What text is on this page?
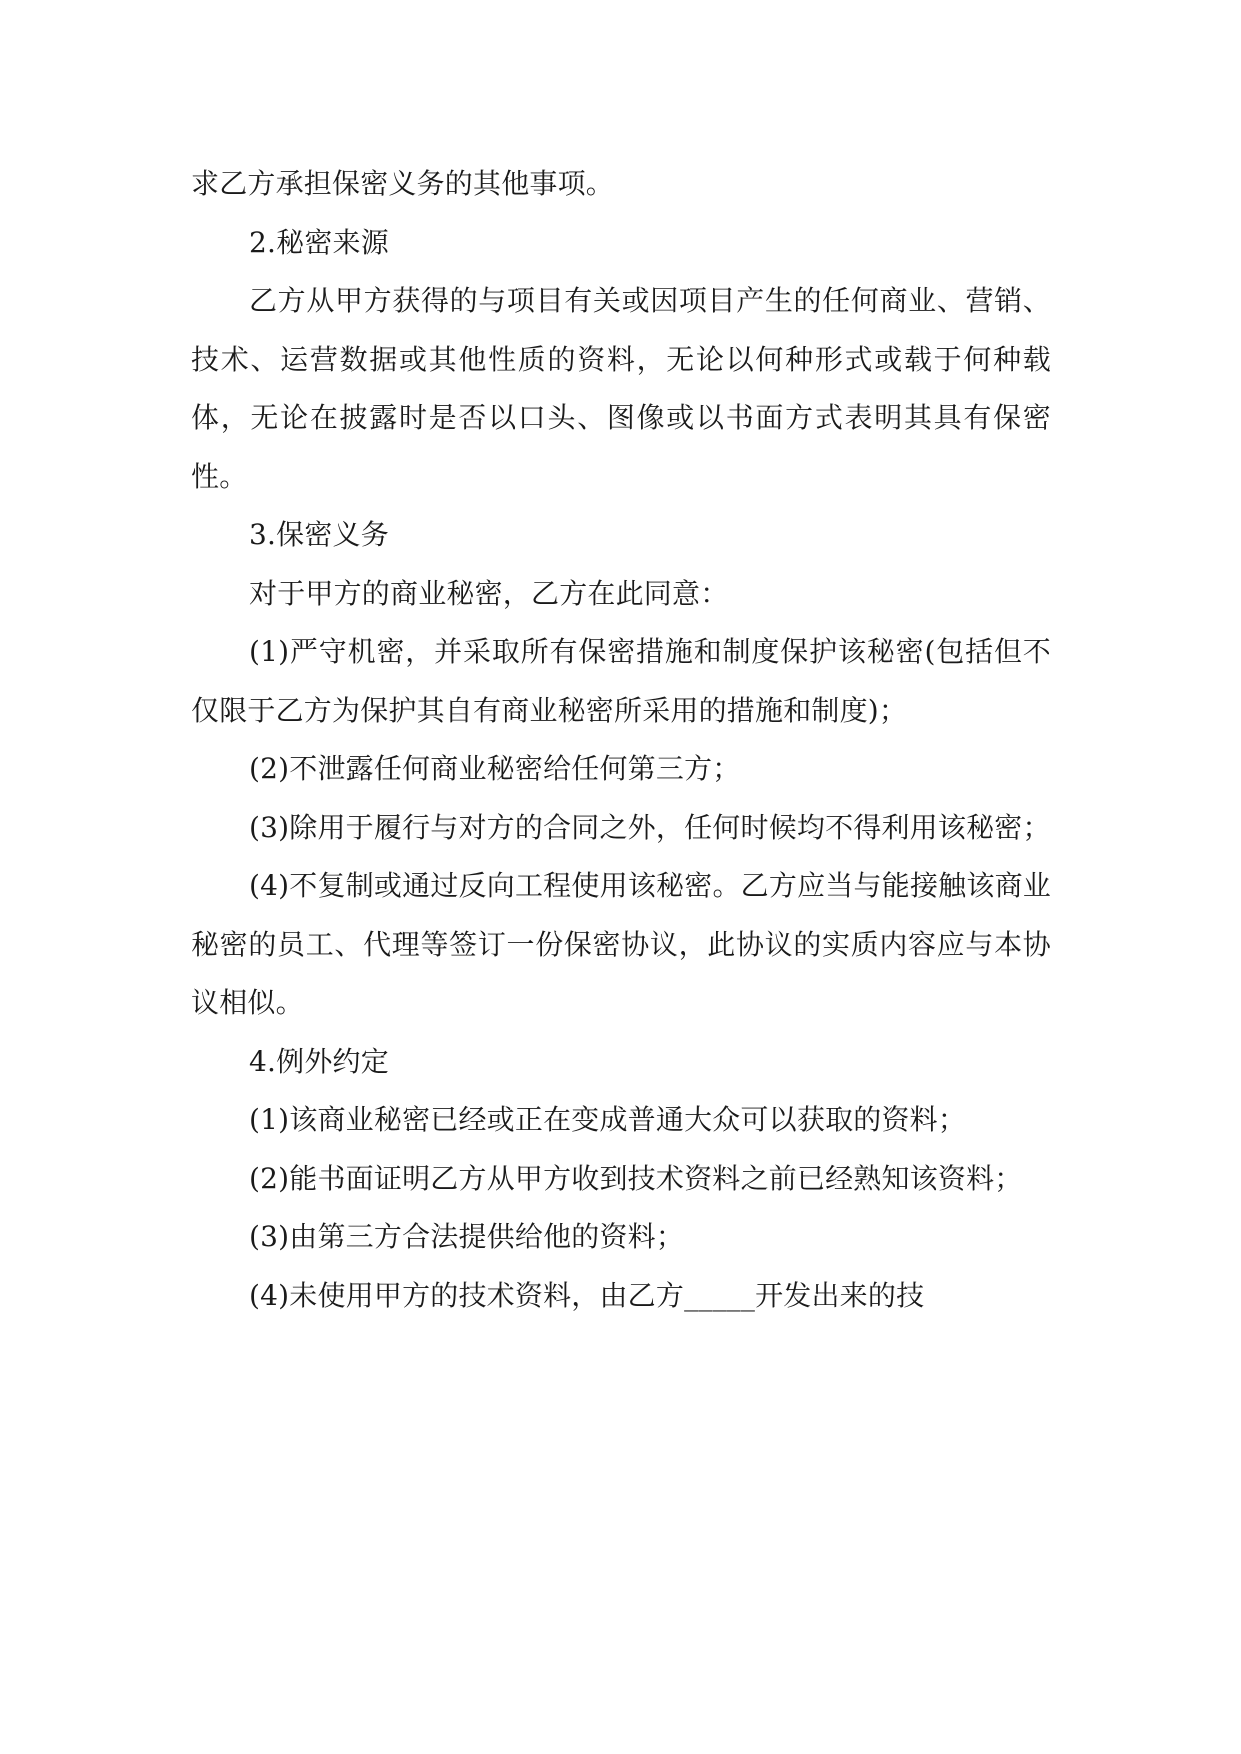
求乙方承担保密义务的其他事项。

2.秘密来源

乙方从甲方获得的与项目有关或因项目产生的任何商业、营销、技术、运营数据或其他性质的资料，无论以何种形式或载于何种载体，无论在披露时是否以口头、图像或以书面方式表明其具有保密性。

3.保密义务

对于甲方的商业秘密，乙方在此同意：

(1)严守机密，并采取所有保密措施和制度保护该秘密(包括但不仅限于乙方为保护其自有商业秘密所采用的措施和制度)；

(2)不泄露任何商业秘密给任何第三方；

(3)除用于履行与对方的合同之外，任何时候均不得利用该秘密；

(4)不复制或通过反向工程使用该秘密。乙方应当与能接触该商业秘密的员工、代理等签订一份保密协议，此协议的实质内容应与本协议相似。

4.例外约定

(1)该商业秘密已经或正在变成普通大众可以获取的资料；

(2)能书面证明乙方从甲方收到技术资料之前已经熟知该资料；

(3)由第三方合法提供给他的资料；

(4)未使用甲方的技术资料，由乙方_____开发出来的技
